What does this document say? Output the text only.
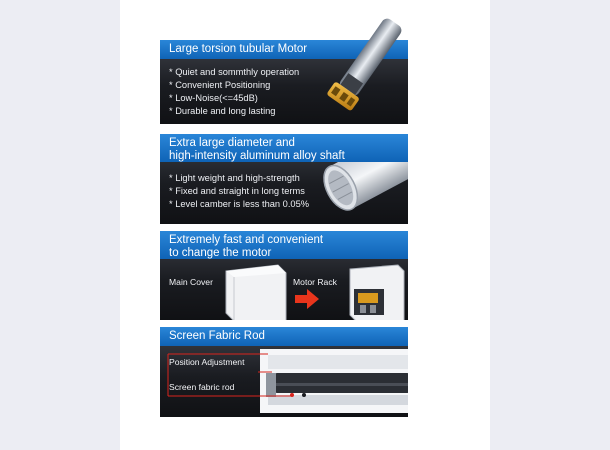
Large torsion tubular Motor
* Quiet and sommthly operation
* Convenient Positioning
* Low-Noise(<=45dB)
* Durable and long lasting
Extra large diameter and
high-intensity aluminum alloy shaft
* Light weight and high-strength
* Fixed and straight in long terms
* Level camber is less than 0.05%
Extremely fast and convenient
to change the motor
Main Cover	Motor Rack
Screen Fabric Rod
Position Adjustment
Screen fabric rod
